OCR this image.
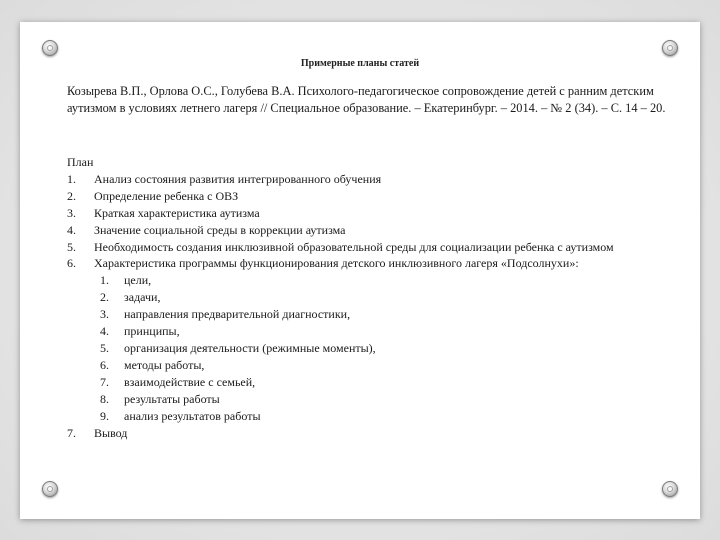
Примерные планы статей
Козырева В.П., Орлова О.С., Голубева В.А. Психолого-педагогическое сопровождение детей с ранним детским аутизмом в условиях летнего лагеря // Специальное образование. – Екатеринбург. – 2014. – № 2 (34). – С. 14 – 20.
План
1.	Анализ состояния развития интегрированного обучения
2.	Определение ребенка с ОВЗ
3.	Краткая характеристика аутизма
4.	Значение социальной среды в коррекции аутизма
5.	Необходимость создания инклюзивной образовательной среды для социализации ребенка с аутизмом
6.	Характеристика программы функционирования детского инклюзивного лагеря «Подсолнухи»:
1.	цели,
2.	задачи,
3.	направления предварительной диагностики,
4.	принципы,
5.	организация деятельности (режимные моменты),
6.	методы работы,
7.	взаимодействие с семьей,
8.	результаты работы
9.	анализ результатов работы
7.	Вывод
